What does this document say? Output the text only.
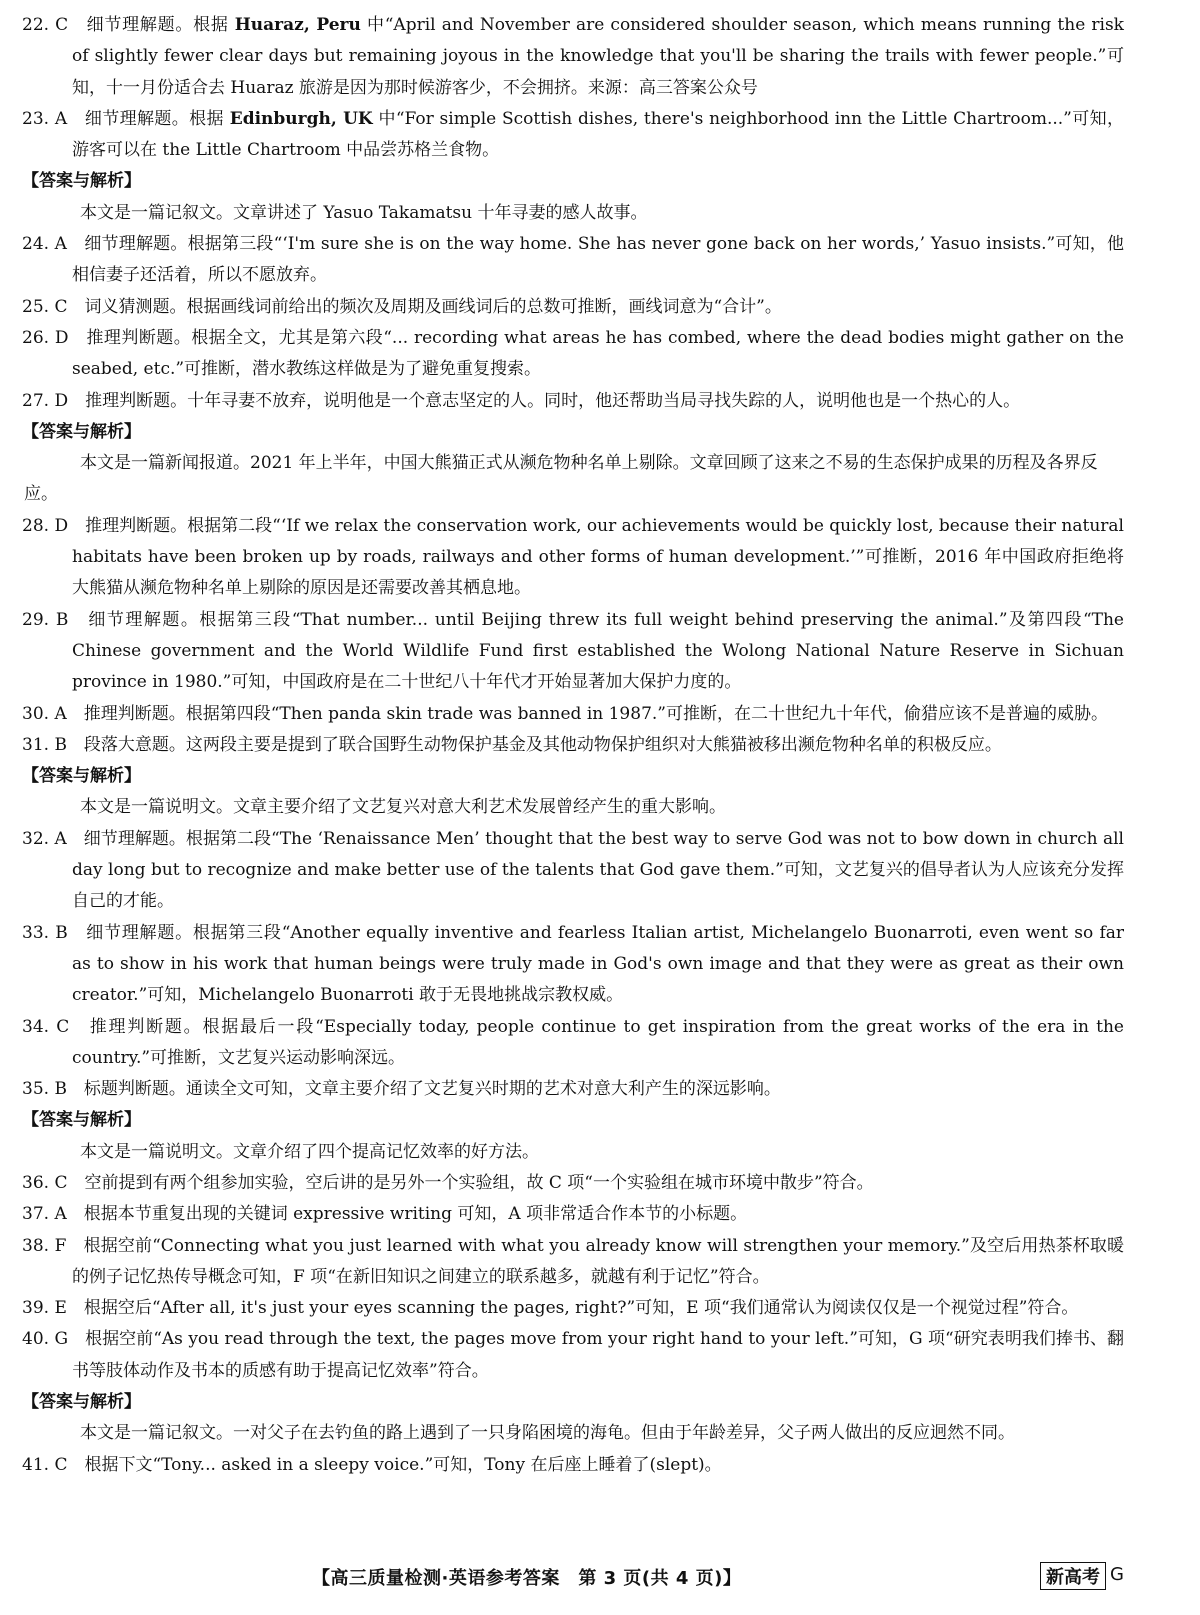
22. C　细节理解题。根据 Huaraz, Peru 中“April and November are considered shoulder season, which means running the risk of slightly fewer clear days but remaining joyous in the knowledge that you'll be sharing the trails with fewer people.”可知，十一月份适合去 Huaraz 旅游是因为那时候游客少，不会拥挤。来源：高三答案公众号
23. A　细节理解题。根据 Edinburgh, UK 中“For simple Scottish dishes, there's neighborhood inn the Little Chartroom...”可知，游客可以在 the Little Chartroom 中品尝苏格兰食物。
【答案与解析】
本文是一篇记叙文。文章讲述了 Yasuo Takamatsu 十年寻妻的感人故事。
24. A　细节理解题。根据第三段“‘I'm sure she is on the way home. She has never gone back on her words,’ Yasuo insists.”可知，他相信妻子还活着，所以不愿放弃。
25. C　词义猜测题。根据画线词前给出的频次及周期及画线词后的总数可推断，画线词意为“合计”。
26. D　推理判断题。根据全文，尤其是第六段“... recording what areas he has combed, where the dead bodies might gather on the seabed, etc.”可推断，潜水教练这样做是为了避免重复搜索。
27. D　推理判断题。十年寻妻不放弃，说明他是一个意志坚定的人。同时，他还帮助当局寻找失踪的人，说明他也是一个热心的人。
【答案与解析】
本文是一篇新闻报道。2021 年上半年，中国大熊猫正式从濒危物种名单上剔除。文章回顾了这来之不易的生态保护成果的历程及各界反应。
28. D　推理判断题。根据第二段“‘If we relax the conservation work, our achievements would be quickly lost, because their natural habitats have been broken up by roads, railways and other forms of human development.’”可推断，2016 年中国政府拒绝将大熊猫从濒危物种名单上剔除的原因是还需要改善其栖息地。
29. B　细节理解题。根据第三段“That number... until Beijing threw its full weight behind preserving the animal.”及第四段“The Chinese government and the World Wildlife Fund first established the Wolong National Nature Reserve in Sichuan province in 1980.”可知，中国政府是在二十世纪八十年代才开始显著加大保护力度的。
30. A　推理判断题。根据第四段“Then panda skin trade was banned in 1987.”可推断，在二十世纪九十年代，偷猎应该不是普遍的威胁。
31. B　段落大意题。这两段主要是提到了联合国野生动物保护基金及其他动物保护组织对大熊猫被移出濒危物种名单的积极反应。
【答案与解析】
本文是一篇说明文。文章主要介绍了文艺复兴对意大利艺术发展曾经产生的重大影响。
32. A　细节理解题。根据第二段“The ‘Renaissance Men’ thought that the best way to serve God was not to bow down in church all day long but to recognize and make better use of the talents that God gave them.”可知，文艺复兴的倡导者认为人应该充分发挥自己的才能。
33. B　细节理解题。根据第三段“Another equally inventive and fearless Italian artist, Michelangelo Buonarroti, even went so far as to show in his work that human beings were truly made in God's own image and that they were as great as their own creator.”可知，Michelangelo Buonarroti 敢于无畏地挑战宗教权威。
34. C　推理判断题。根据最后一段“Especially today, people continue to get inspiration from the great works of the era in the country.”可推断，文艺复兴运动影响深远。
35. B　标题判断题。通读全文可知，文章主要介绍了文艺复兴时期的艺术对意大利产生的深远影响。
【答案与解析】
本文是一篇说明文。文章介绍了四个提高记忆效率的好方法。
36. C　空前提到有两个组参加实验，空后讲的是另外一个实验组，故 C 项“一个实验组在城市环境中散步”符合。
37. A　根据本节重复出现的关键词 expressive writing 可知，A 项非常适合作本节的小标题。
38. F　根据空前“Connecting what you just learned with what you already know will strengthen your memory.”及空后用热茶杯取暖的例子记忆热传导概念可知，F 项“在新旧知识之间建立的联系越多，就越有利于记忆”符合。
39. E　根据空后“After all, it's just your eyes scanning the pages, right?”可知，E 项“我们通常认为阅读仅仅是一个视觉过程”符合。
40. G　根据空前“As you read through the text, the pages move from your right hand to your left.”可知，G 项“研究表明我们捧书、翻书等肢体动作及书本的质感有助于提高记忆效率”符合。
【答案与解析】
本文是一篇记叙文。一对父子在去钓鱼的路上遇到了一只身陷困境的海龟。但由于年龄差异，父子两人做出的反应迥然不同。
41. C　根据下文“Tony... asked in a sleepy voice.”可知，Tony 在后座上睡着了(slept)。
【高三质量检测·英语参考答案　第 3 页(共 4 页)】	新高考 G
